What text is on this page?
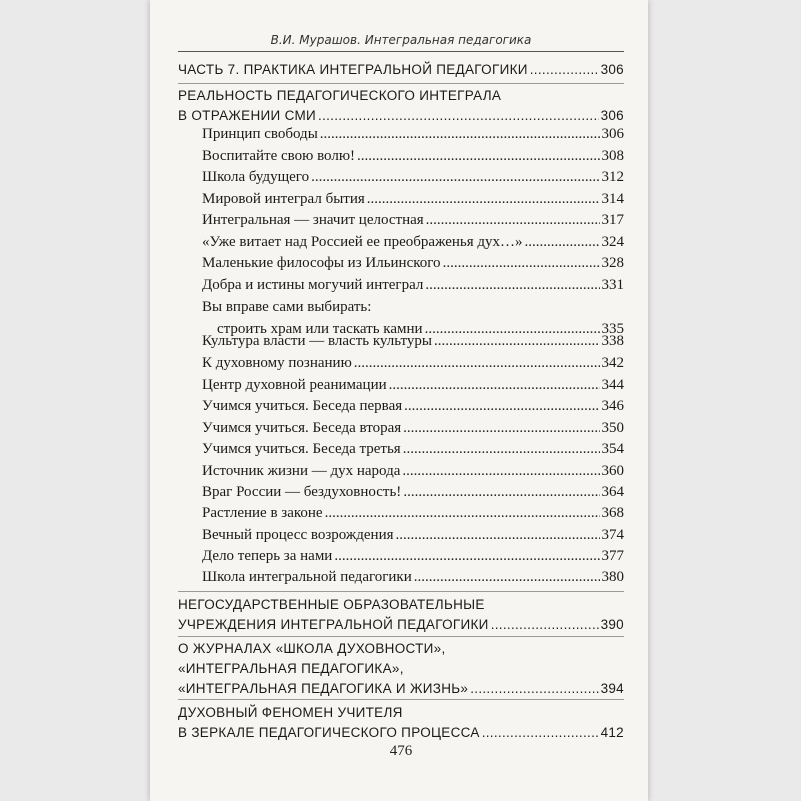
В.И. Мурашов. Интегральная педагогика
ЧАСТЬ 7. ПРАКТИКА ИНТЕГРАЛЬНОЙ ПЕДАГОГИКИ .....	306
РЕАЛЬНОСТЬ ПЕДАГОГИЧЕСКОГО ИНТЕГРАЛА
В ОТРАЖЕНИИ СМИ .....	306
Принцип свободы .....	306
Воспитайте свою волю! .....	308
Школа будущего .....	312
Мировой интеграл бытия .....	314
Интегральная — значит целостная .....	317
«Уже витает над Россией ее преображенья дух…» .....	324
Маленькие философы из Ильинского .....	328
Добра и истины могучий интеграл .....	331
Вы вправе сами выбирать:
строить храм или таскать камни .....	335
Культура власти — власть культуры .....	338
К духовному познанию .....	342
Центр духовной реанимации .....	344
Учимся учиться. Беседа первая .....	346
Учимся учиться. Беседа вторая .....	350
Учимся учиться. Беседа третья .....	354
Источник жизни — дух народа .....	360
Враг России — бездуховность! .....	364
Растление в законе .....	368
Вечный процесс возрождения .....	374
Дело теперь за нами .....	377
Школа интегральной педагогики .....	380
НЕГОСУДАРСТВЕННЫЕ ОБРАЗОВАТЕЛЬНЫЕ
УЧРЕЖДЕНИЯ ИНТЕГРАЛЬНОЙ ПЕДАГОГИКИ .....	390
О ЖУРНАЛАХ «ШКОЛА ДУХОВНОСТИ»,
«ИНТЕГРАЛЬНАЯ ПЕДАГОГИКА»,
«ИНТЕГРАЛЬНАЯ ПЕДАГОГИКА И ЖИЗНЬ» .....	394
ДУХОВНЫЙ ФЕНОМЕН УЧИТЕЛЯ
В ЗЕРКАЛЕ ПЕДАГОГИЧЕСКОГО ПРОЦЕССА .....	412
476
